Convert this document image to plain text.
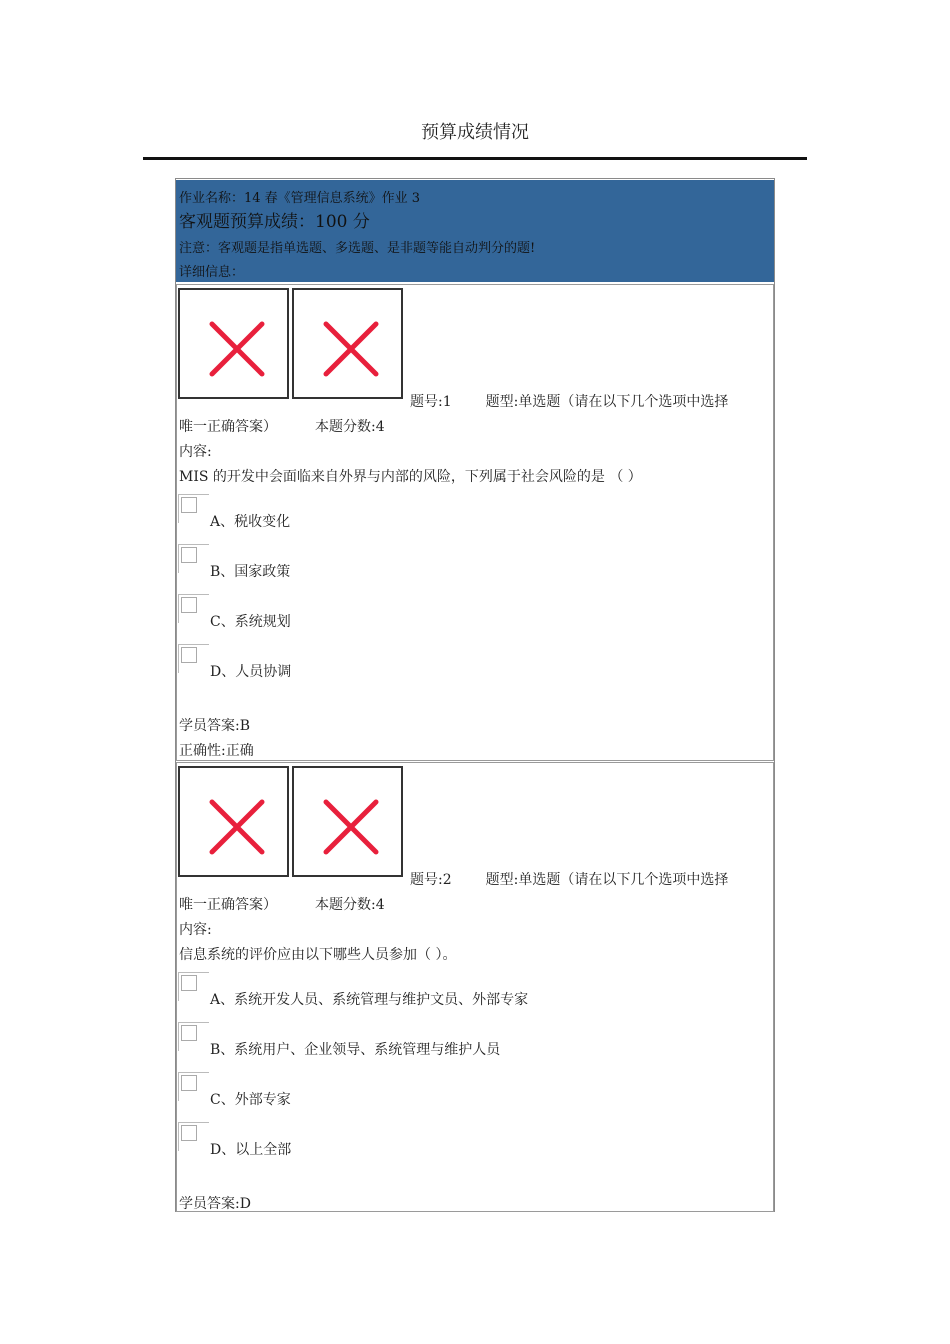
预算成绩情况
作业名称：14 春《管理信息系统》作业 3
客观题预算成绩：100 分
注意：客观题是指单选题、多选题、是非题等能自动判分的题!
详细信息：
题号:1 题型:单选题（请在以下几个选项中选择
唯一正确答案）	本题分数:4
内容:
MIS 的开发中会面临来自外界与内部的风险，下列属于社会风险的是 （ ）
A、税收变化
B、国家政策
C、系统规划
D、人员协调
学员答案:B
正确性:正确
题号:2 题型:单选题（请在以下几个选项中选择
唯一正确答案）	本题分数:4
内容:
信息系统的评价应由以下哪些人员参加（ ）。
A、系统开发人员、系统管理与维护文员、外部专家
B、系统用户、企业领导、系统管理与维护人员
C、外部专家
D、以上全部
学员答案:D
